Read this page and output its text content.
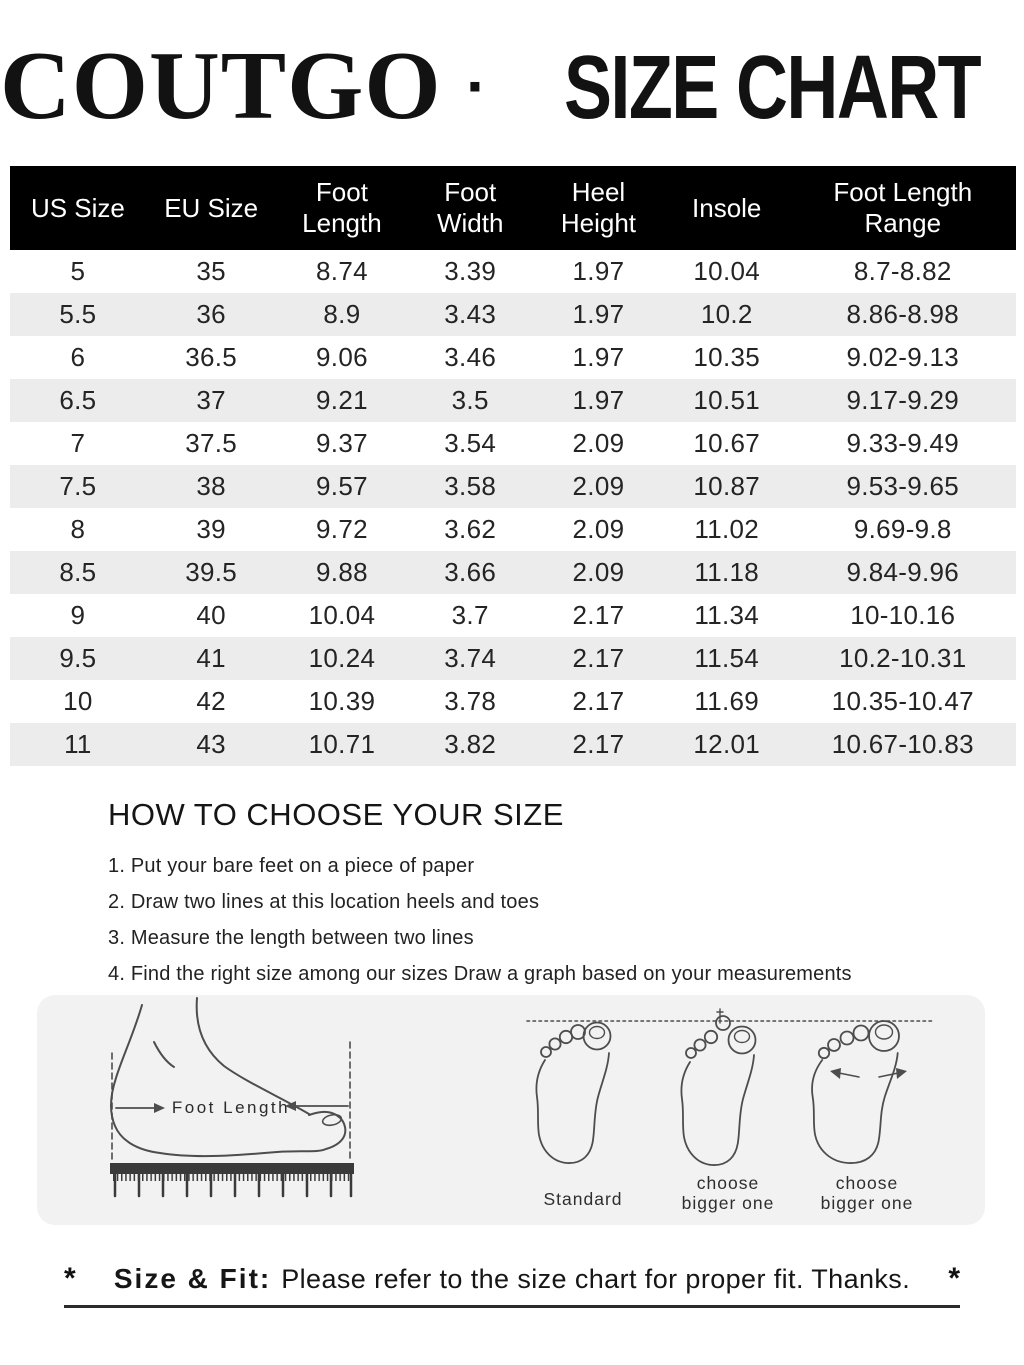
COUTGO · SIZE CHART
US Size	EU Size	Foot Length	Foot Width	Heel Height	Insole	Foot Length Range
5	35	8.74	3.39	1.97	10.04	8.7-8.82
5.5	36	8.9	3.43	1.97	10.2	8.86-8.98
6	36.5	9.06	3.46	1.97	10.35	9.02-9.13
6.5	37	9.21	3.5	1.97	10.51	9.17-9.29
7	37.5	9.37	3.54	2.09	10.67	9.33-9.49
7.5	38	9.57	3.58	2.09	10.87	9.53-9.65
8	39	9.72	3.62	2.09	11.02	9.69-9.8
8.5	39.5	9.88	3.66	2.09	11.18	9.84-9.96
9	40	10.04	3.7	2.17	11.34	10-10.16
9.5	41	10.24	3.74	2.17	11.54	10.2-10.31
10	42	10.39	3.78	2.17	11.69	10.35-10.47
11	43	10.71	3.82	2.17	12.01	10.67-10.83
HOW TO CHOOSE YOUR SIZE
1. Put your bare feet on a piece of paper
2. Draw two lines at this location heels and toes
3. Measure the length between two lines
4. Find the right size among our sizes Draw a graph based on your measurements
Foot Length
Standard
choose
bigger one
choose
bigger one
*	Size & Fit: Please refer to the size chart for proper fit. Thanks.	*
